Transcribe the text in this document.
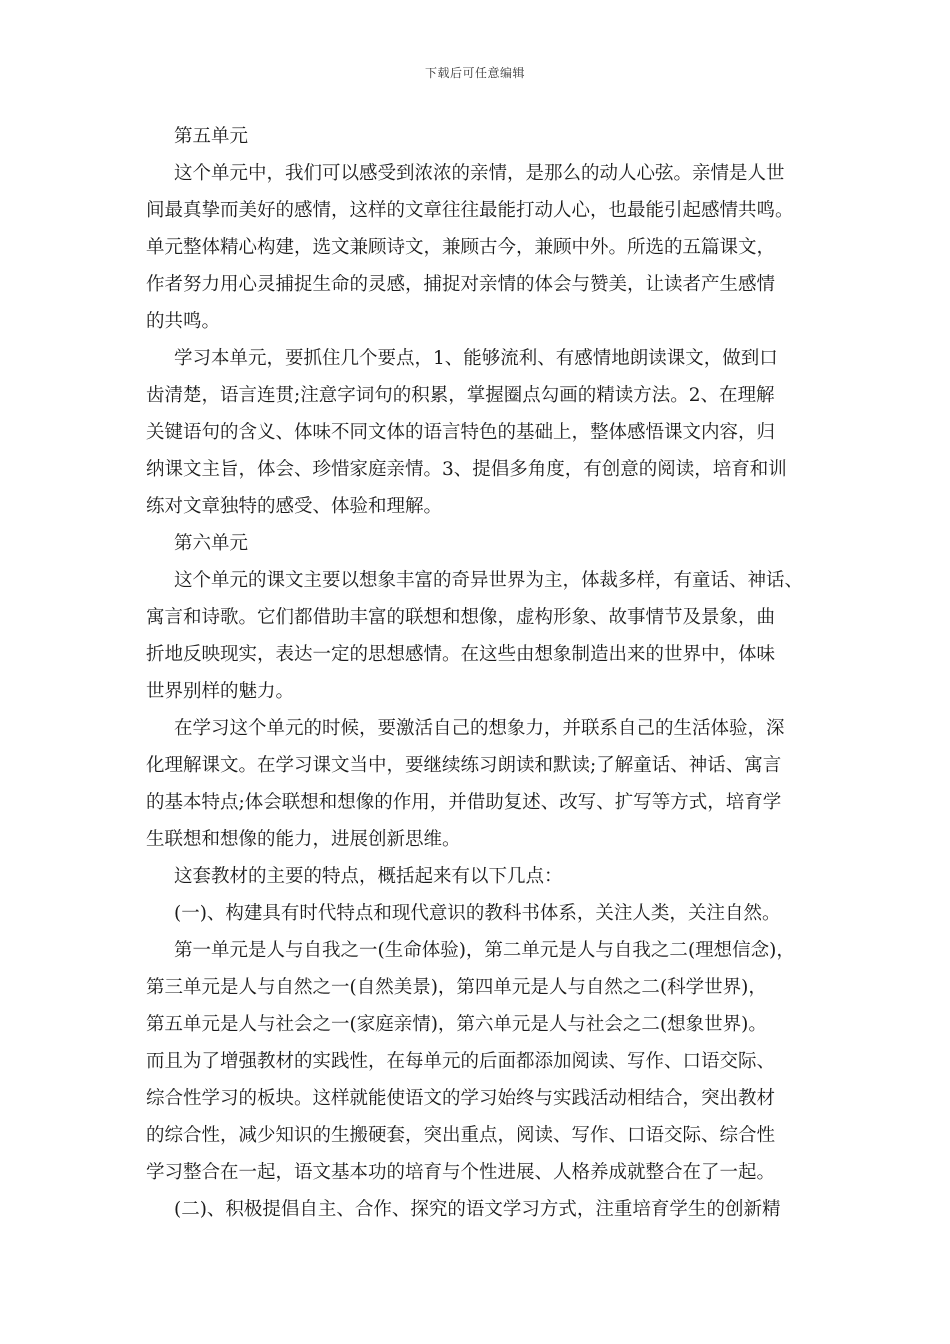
下载后可任意编辑
第五单元
这个单元中，我们可以感受到浓浓的亲情，是那么的动人心弦。亲情是人世
间最真挚而美好的感情，这样的文章往往最能打动人心，也最能引起感情共鸣。
单元整体精心构建，选文兼顾诗文，兼顾古今，兼顾中外。所选的五篇课文，
作者努力用心灵捕捉生命的灵感，捕捉对亲情的体会与赞美，让读者产生感情
的共鸣。
学习本单元，要抓住几个要点，1、能够流利、有感情地朗读课文，做到口
齿清楚，语言连贯;注意字词句的积累，掌握圈点勾画的精读方法。2、在理解
关键语句的含义、体味不同文体的语言特色的基础上，整体感悟课文内容，归
纳课文主旨，体会、珍惜家庭亲情。3、提倡多角度，有创意的阅读，培育和训
练对文章独特的感受、体验和理解。
第六单元
这个单元的课文主要以想象丰富的奇异世界为主，体裁多样，有童话、神话、
寓言和诗歌。它们都借助丰富的联想和想像，虚构形象、故事情节及景象，曲
折地反映现实，表达一定的思想感情。在这些由想象制造出来的世界中，体味
世界别样的魅力。
在学习这个单元的时候，要激活自己的想象力，并联系自己的生活体验，深
化理解课文。在学习课文当中，要继续练习朗读和默读;了解童话、神话、寓言
的基本特点;体会联想和想像的作用，并借助复述、改写、扩写等方式，培育学
生联想和想像的能力，进展创新思维。
这套教材的主要的特点，概括起来有以下几点：
(一)、构建具有时代特点和现代意识的教科书体系，关注人类，关注自然。
第一单元是人与自我之一(生命体验)，第二单元是人与自我之二(理想信念)，
第三单元是人与自然之一(自然美景)，第四单元是人与自然之二(科学世界)，
第五单元是人与社会之一(家庭亲情)，第六单元是人与社会之二(想象世界)。
而且为了增强教材的实践性，在每单元的后面都添加阅读、写作、口语交际、
综合性学习的板块。这样就能使语文的学习始终与实践活动相结合，突出教材
的综合性，减少知识的生搬硬套，突出重点，阅读、写作、口语交际、综合性
学习整合在一起，语文基本功的培育与个性进展、人格养成就整合在了一起。
(二)、积极提倡自主、合作、探究的语文学习方式，注重培育学生的创新精
